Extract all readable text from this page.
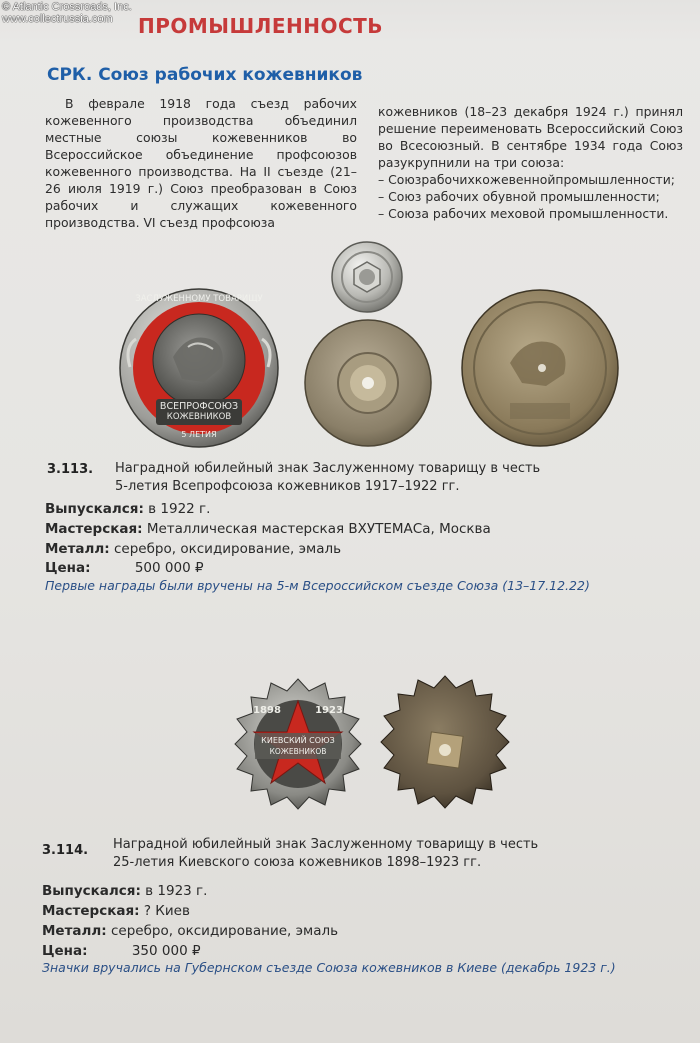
© Atlantic Crossroads, Inc.
www.collectrussia.com	ПРОМЫШЛЕННОСТЬ
СРК. Союз рабочих кожевников
В феврале 1918 года съезд рабочих кожевенного производства объединил местные союзы кожевенников во Всероссийское объединение профсоюзов кожевенного производства. На II съезде (21–26 июля 1919 г.) Союз преобразован в Союз рабочих и служащих кожевенного производства. VI съезд профсоюза
кожевников (18–23 декабря 1924 г.) принял решение переименовать Всероссийский Союз во Всесоюзный. В сентябре 1934 года Союз разукрупнили на три союза:
– Союзрабочихкожевеннойпромышленности;
– Союз рабочих обувной промышленности;
– Союза рабочих меховой промышленности.
ЗАСЛУЖЕННОМУ ТОВАРИЩУ
ВСЕПРОФСОЮЗ
КОЖЕВНИКОВ
5 ЛЕТИЯ
3.113. Наградной юбилейный знак Заслуженному товарищу в честь
5-летия Всепрофсоюза кожевников 1917–1922 гг.
Выпускался: в 1922 г.
Мастерская: Металлическая мастерская ВХУТЕМАСа, Москва
Металл: серебро, оксидирование, эмаль
Цена:	500 000 ₽
Первые награды были вручены на 5-м Всероссийском съезде Союза (13–17.12.22)
КИЕВСКИЙ СОЮЗ
КОЖЕВНИКОВ
1898	1923
3.114. Наградной юбилейный знак Заслуженному товарищу в честь
25-летия Киевского союза кожевников 1898–1923 гг.
Выпускался: в 1923 г.
Мастерская: ? Киев
Металл: серебро, оксидирование, эмаль
Цена:	350 000 ₽
Значки вручались на Губернском съезде Союза кожевников в Киеве (декабрь 1923 г.)
